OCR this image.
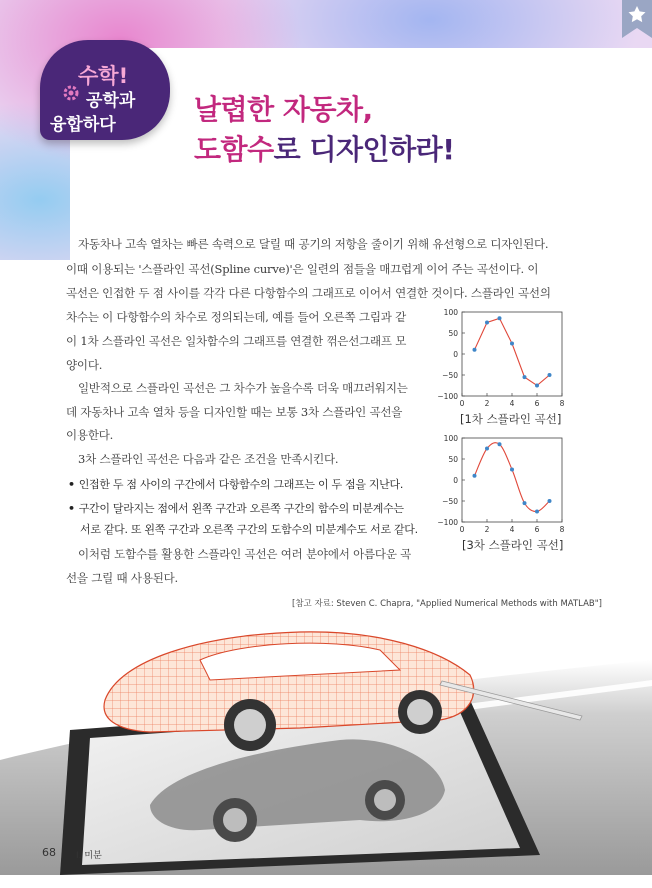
수학!
공학과
융합하다	날렵한 자동차,
도함수로 디자인하라!
자동차나 고속 열차는 빠른 속력으로 달릴 때 공기의 저항을 줄이기 위해 유선형으로 디자인된다.
이때 이용되는 '스플라인 곡선(Spline curve)'은 일련의 점들을 매끄럽게 이어 주는 곡선이다. 이
곡선은 인접한 두 점 사이를 각각 다른 다항함수의 그래프로 이어서 연결한 것이다. 스플라인 곡선의
차수는 이 다항함수의 차수로 정의되는데, 예를 들어 오른쪽 그림과 같
이 1차 스플라인 곡선은 일차함수의 그래프를 연결한 꺾은선그래프 모
양이다.
일반적으로 스플라인 곡선은 그 차수가 높을수록 더욱 매끄러워지는
데 자동차나 고속 열차 등을 디자인할 때는 보통 3차 스플라인 곡선을
이용한다.
3차 스플라인 곡선은 다음과 같은 조건을 만족시킨다.
• 인접한 두 점 사이의 구간에서 다항함수의 그래프는 이 두 점을 지난다.
• 구간이 달라지는 점에서 왼쪽 구간과 오른쪽 구간의 함수의 미분계수는
서로 같다. 또 왼쪽 구간과 오른쪽 구간의 도함수의 미분계수도 서로 같다.
이처럼 도함수를 활용한 스플라인 곡선은 여러 분야에서 아름다운 곡
선을 그릴 때 사용된다.
100
50
0
−50
−100
0	2	4	6	8
[1차 스플라인 곡선]
100
50
0
−50
−100
0	2	4	6	8
[3차 스플라인 곡선]
[참고 자료: Steven C. Chapra, "Applied Numerical Methods with MATLAB"]
68 Ⅰ. 미분
